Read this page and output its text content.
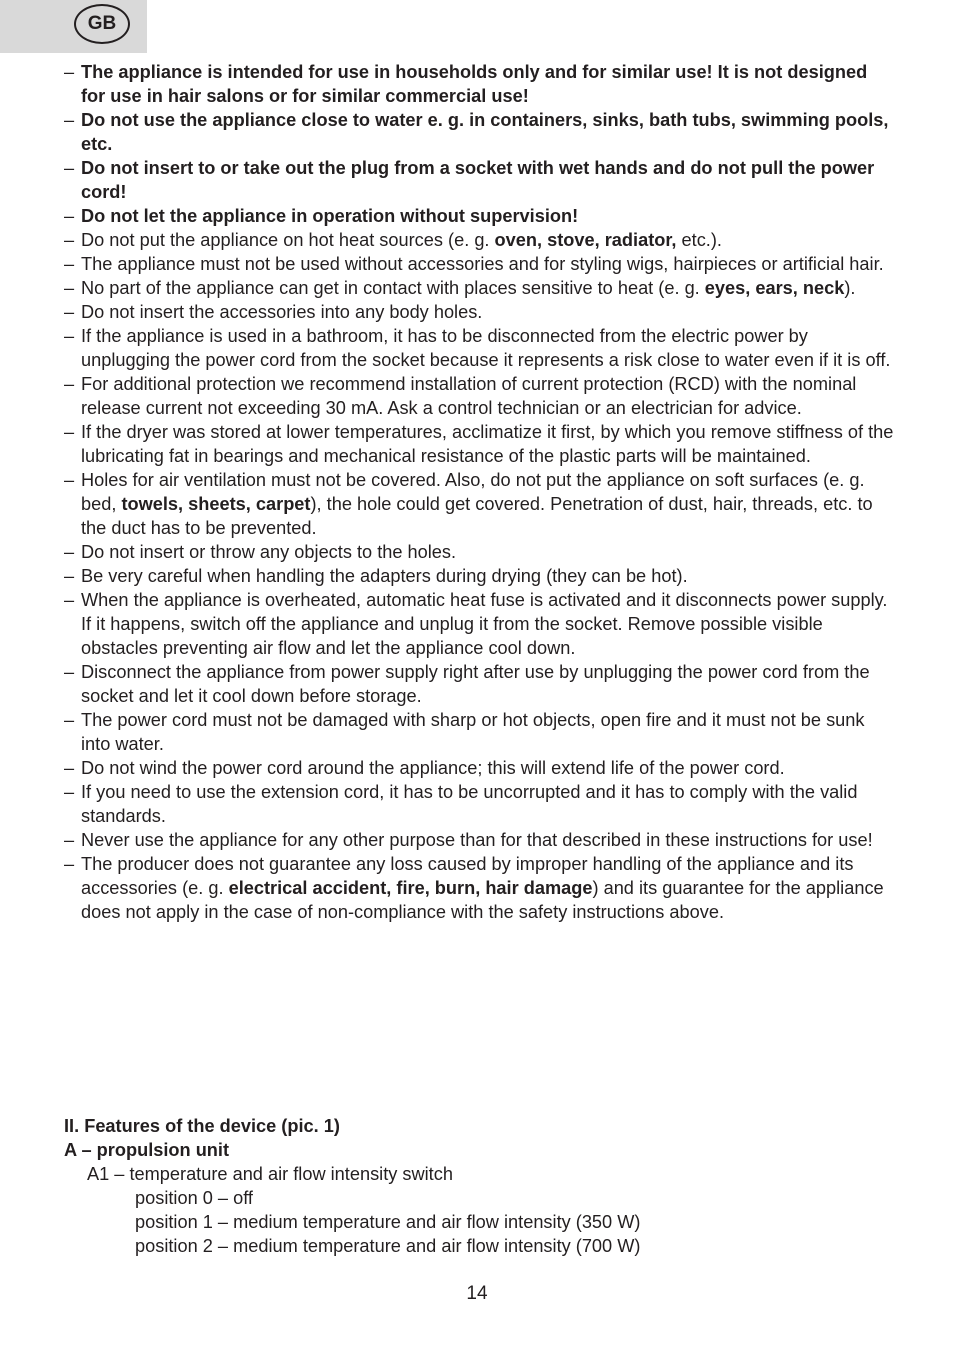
GB
– The appliance is intended for use in households only and for similar use! It is not designed for use in hair salons or for similar commercial use!
– Do not use the appliance close to water e. g. in containers, sinks, bath tubs, swimming pools, etc.
– Do not insert to or take out the plug from a socket with wet hands and do not pull the power cord!
– Do not let the appliance in operation without supervision!
– Do not put the appliance on hot heat sources (e. g. oven, stove, radiator, etc.).
– The appliance must not be used without accessories and for styling wigs, hairpieces or artificial hair.
– No part of the appliance can get in contact with places sensitive to heat (e. g. eyes, ears, neck).
– Do not insert the accessories into any body holes.
– If the appliance is used in a bathroom, it has to be disconnected from the electric power by unplugging the power cord from the socket because it represents a risk close to water even if it is off.
– For additional protection we recommend installation of current protection (RCD) with the nominal release current not exceeding 30 mA. Ask a control technician or an electrician for advice.
– If the dryer was stored at lower temperatures, acclimatize it first, by which you remove stiffness of the lubricating fat in bearings and mechanical resistance of the plastic parts will be maintained.
– Holes for air ventilation must not be covered. Also, do not put the appliance on soft surfaces (e. g. bed, towels, sheets, carpet), the hole could get covered. Penetration of dust, hair, threads, etc. to the duct has to be prevented.
– Do not insert or throw any objects to the holes.
– Be very careful when handling the adapters during drying (they can be hot).
– When the appliance is overheated, automatic heat fuse is activated and it disconnects power supply. If it happens, switch off the appliance and unplug it from the socket. Remove possible visible obstacles preventing air flow and let the appliance cool down.
– Disconnect the appliance from power supply right after use by unplugging the power cord from the socket and let it cool down before storage.
– The power cord must not be damaged with sharp or hot objects, open fire and it must not be sunk into water.
– Do not wind the power cord around the appliance; this will extend life of the power cord.
– If you need to use the extension cord, it has to be uncorrupted and it has to comply with the valid standards.
– Never use the appliance for any other purpose than for that described in these instructions for use!
– The producer does not guarantee any loss caused by improper handling of the appliance and its accessories (e. g. electrical accident, fire, burn, hair damage) and its guarantee for the appliance does not apply in the case of non-compliance with the safety instructions above.
II. Features of the device (pic. 1)
A – propulsion unit
A1 – temperature and air flow intensity switch
position 0 – off
position 1 – medium temperature and air flow intensity (350 W)
position 2 – medium temperature and air flow intensity (700 W)
14
